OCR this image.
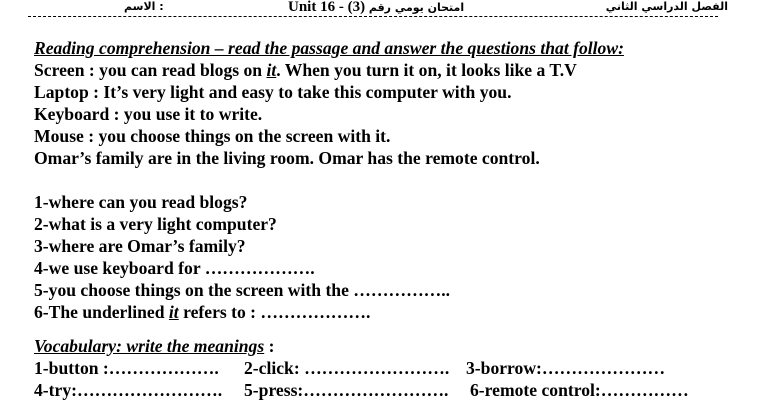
الاسم :	Unit 16 - (3) امتحان يومي رقم	الفصل الدراسي الثاني
Reading comprehension – read the passage and answer the questions that follow:
Screen : you can read blogs on it. When you turn it on, it looks like a T.V
Laptop : It’s very light and easy to take this computer with you.
Keyboard : you use it to write.
Mouse : you choose things on the screen with it.
Omar’s family are in the living room. Omar has the remote control.
1-where can you read blogs?
2-what is a very light computer?
3-where are Omar’s family?
4-we use keyboard for ……………….
5-you choose things on the screen with the ……………..
6-The underlined it refers to : ……………….
Vocabulary: write the meanings :
1-button :………………. 2-click: ……………………. 3-borrow:…………………
4-try:……………………. 5-press:……………………. 6-remote control:……………
